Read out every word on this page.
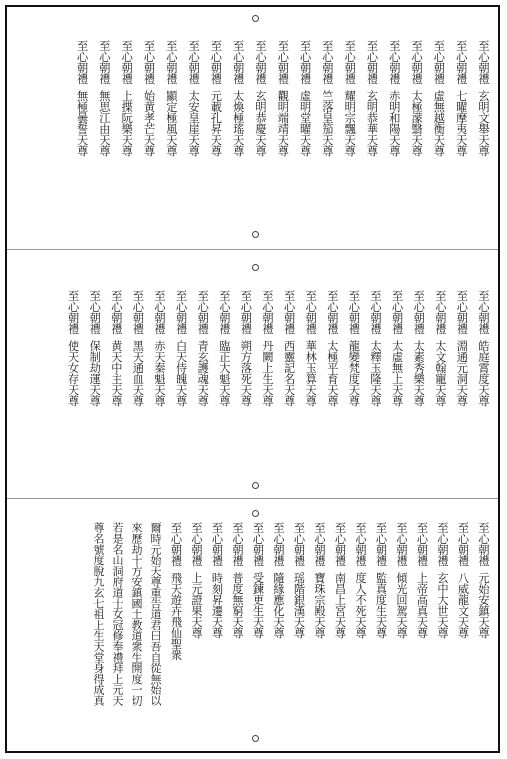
至心朝禮玄明文舉天尊
至心朝禮七曜摩夷天尊
至心朝禮虛無越衡天尊
至心朝禮太極濛翳天尊
至心朝禮赤明和陽天尊
至心朝禮玄明恭華天尊
至心朝禮耀明宗飄天尊
至心朝禮竺落皇笳天尊
至心朝禮虛明堂曜天尊
至心朝禮觀明端靖天尊
至心朝禮玄明恭慶天尊
至心朝禮太煥極瑤天尊
至心朝禮元載孔昇天尊
至心朝禮太安皇崖天尊
至心朝禮顯定極風天尊
至心朝禮始黄孝芒天尊
至心朝禮上揲阮樂天尊
至心朝禮無思江由天尊
至心朝禮無極曇誓天尊
至心朝禮皓庭霄度天尊
至心朝禮淵通元洞天尊
至心朝禮太文翰寵天尊
至心朝禮太素秀樂天尊
至心朝禮太虛無上天尊
至心朝禮太釋玉隆天尊
至心朝禮龍變梵度天尊
至心朝禮太極平育天尊
至心朝禮華林玉算天尊
至心朝禮西靈記名天尊
至心朝禮丹闕上生天尊
至心朝禮朔方落死天尊
至心朝禮臨正大魁天尊
至心朝禮青玄護魂天尊
至心朝禮白天侍魄天尊
至心朝禮赤天秦魁天尊
至心朝禮黑天通血天尊
至心朝禮黄天中主天尊
至心朝禮保制劫運天尊
至心朝禮使天女存天尊
至心朝禮元始安鎮天尊
至心朝禮八威龍文天尊
至心朝禮玄中大世天尊
至心朝禮上帝高真天尊
至心朝禮傾光回駕天尊
至心朝禮監真度生天尊
至心朝禮度人不死天尊
至心朝禮南昌上宮天尊
至心朝禮寶珠宗殿天尊
至心朝禮瑶階銀漢天尊
至心朝禮隨緣應化天尊
至心朝禮受鍊更生天尊
至心朝禮普度無窮天尊
至心朝禮時刻昇遷天尊
至心朝禮上元證果天尊
至心朝禮飛天遊卉飛仙聖衆
爾時元始天尊重告道君曰吾自從無始以
來歷劫十方安鎮國土教道衆生開度一切
若是名山洞府道士女冠修奉禮拜上元天
尊名號度脫九玄七祖上生天堂身得成真
